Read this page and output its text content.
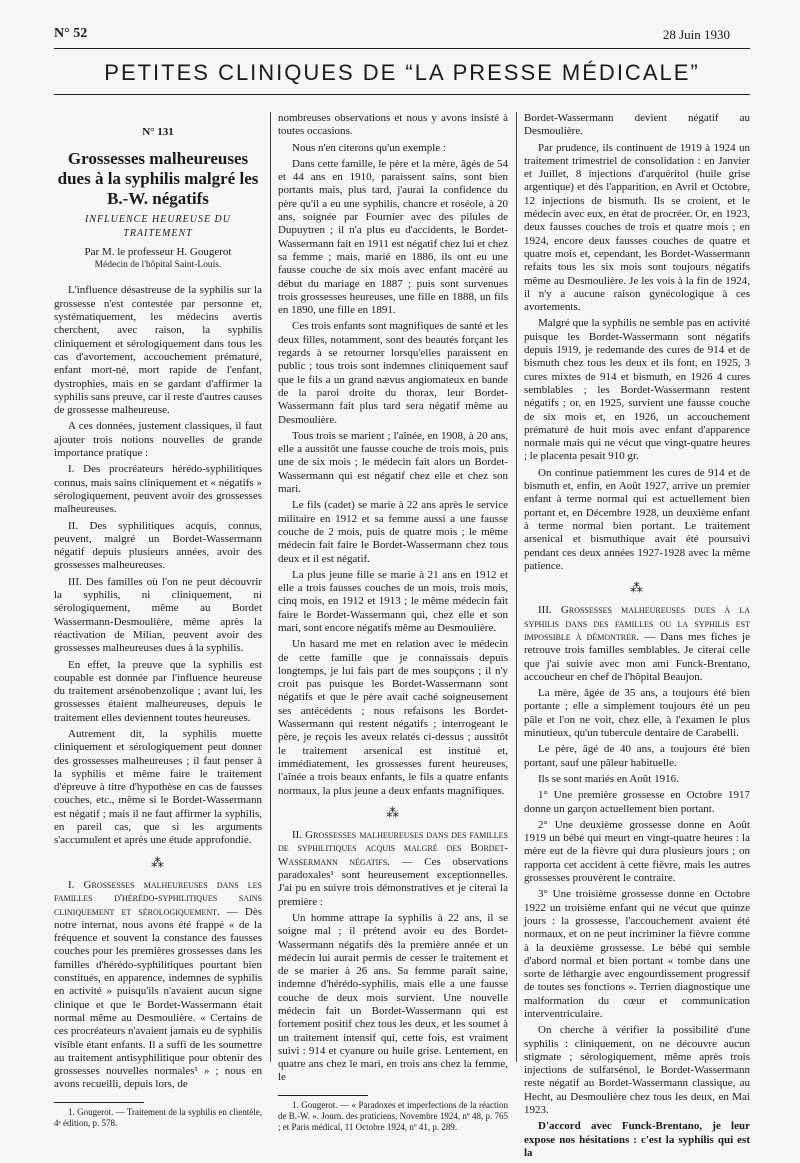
N° 52	28 Juin 1930
PETITES CLINIQUES DE “LA PRESSE MÉDICALE”
N° 131
Grossesses malheureuses dues à la syphilis malgré les B.-W. négatifs
INFLUENCE HEUREUSE DU TRAITEMENT
Par M. le professeur H. Gougerot
Médecin de l'hôpital Saint-Louis.

L'influence désastreuse de la syphilis sur la grossesse n'est contestée par personne et, systématiquement, les médecins avertis cherchent, avec raison, la syphilis cliniquement et sérologiquement dans tous les cas d'avortement, accouchement prématuré, enfant mort-né, mort rapide de l'enfant, dystrophies, mais en se gardant d'affirmer la syphilis sans preuve, car il reste d'autres causes de grossesse malheureuse.

A ces données, justement classiques, il faut ajouter trois notions nouvelles de grande importance pratique :

I. Des procréateurs hérédo-syphilitiques connus, mais sains cliniquement et « négatifs » sérologiquement, peuvent avoir des grossesses malheureuses.

II. Des syphilitiques acquis, connus, peuvent, malgré un Bordet-Wassermann négatif depuis plusieurs années, avoir des grossesses malheureuses.

III. Des familles où l'on ne peut découvrir la syphilis, ni cliniquement, ni sérologiquement, même au Bordet Wassermann-Desmoulière, même après la réactivation de Milian, peuvent avoir des grossesses malheureuses dues à la syphilis.

En effet, la preuve que la syphilis est coupable est donnée par l'influence heureuse du traitement arsénobenzolique ; avant lui, les grossesses étaient malheureuses, depuis le traitement elles deviennent toutes heureuses.

Autrement dit, la syphilis muette cliniquement et sérologiquement peut donner des grossesses malheureuses ; il faut penser à la syphilis et même faire le traitement d'épreuve à titre d'hypothèse en cas de fausses couches, etc., même si le Bordet-Wassermann est négatif ; mais il ne faut affirmer la syphilis, en pareil cas, que si les arguments s'accumulent et après une étude approfondie.

⁂

I. Grossesses malheureuses dans les familles d'hérédo-syphilitiques sains cliniquement et sérologiquement. — Dès notre internat, nous avons été frappé « de la fréquence et souvent la constance des fausses couches pour les premières grossesses dans les familles d'hérédo-syphilitiques pourtant bien constitués, en apparence, indemnes de syphilis en activité » puisqu'ils n'avaient aucun signe clinique et que le Bordet-Wassermann était normal même au Desmoulière. « Certains de ces procréateurs n'avaient jamais eu de syphilis visible étant enfants. Il a suffi de les soumettre au traitement antisyphilitique pour obtenir des grossesses nouvelles normales¹ » ; nous en avons recueilli, depuis lors, de

1. Gougerot. — Traitement de la syphilis en clientèle, 4ᵉ édition, p. 578.

nombreuses observations et nous y avons insisté à toutes occasions.

Nous n'en citerons qu'un exemple :

Dans cette famille, le père et la mère, âgés de 54 et 44 ans en 1910, paraissent sains, sont bien portants mais, plus tard, j'aurai la confidence du père qu'il a eu une syphilis, chancre et roséole, à 20 ans, soignée par Fournier avec des pilules de Dupuytren ; il n'a plus eu d'accidents, le Bordet-Wassermann fait en 1911 est négatif chez lui et chez sa femme ; mais, marié en 1886, ils ont eu une fausse couche de six mois avec enfant macéré au début du mariage en 1887 ; puis sont survenues trois grossesses heureuses, une fille en 1888, un fils en 1890, une fille en 1891.

Ces trois enfants sont magnifiques de santé et les deux filles, notamment, sont des beautés forçant les regards à se retourner lorsqu'elles paraissent en public ; tous trois sont indemnes cliniquement sauf que le fils a un grand nævus angiomateux en bande de la paroi droite du thorax, leur Bordet-Wassermann fait plus tard sera négatif même au Desmoulière.

Tous trois se marient ; l'aînée, en 1908, à 20 ans, elle a aussitôt une fausse couche de trois mois, puis une de six mois ; le médecin fait alors un Bordet-Wassermann qui est négatif chez elle et chez son mari.

Le fils (cadet) se marie à 22 ans après le service militaire en 1912 et sa femme aussi a une fausse couche de 2 mois, puis de quatre mois ; le même médecin fait faire le Bordet-Wassermann chez tous deux et il est négatif.

La plus jeune fille se marie à 21 ans en 1912 et elle a trois fausses couches de un mois, trois mois, cinq mois, en 1912 et 1913 ; le même médecin fait faire le Bordet-Wassermann qui, chez elle et son mari, sont encore négatifs même au Desmoulière.

Un hasard me met en relation avec le médecin de cette famille que je connaissais depuis longtemps, je lui fais part de mes soupçons ; il n'y croit pas puisque les Bordet-Wassermann sont négatifs et que le père avait caché soigneusement ses antécédents ; nous refaisons les Bordet-Wassermann qui restent négatifs ; interrogeant le père, je reçois les aveux relatés ci-dessus ; aussitôt le traitement arsenical est institué et, immédiatement, les grossesses furent heureuses, l'aînée a trois beaux enfants, le fils a quatre enfants normaux, la plus jeune a deux enfants magnifiques.

⁂

II. Grossesses malheureuses dans des familles de syphilitiques acquis malgré des Bordet-Wassermann négatifs. — Ces observations paradoxales¹ sont heureusement exceptionnelles. J'ai pu en suivre trois démonstratives et je citerai la première :

Un homme attrape la syphilis à 22 ans, il se soigne mal ; il prétend avoir eu des Bordet-Wassermann négatifs dès la première année et un médecin lui aurait permis de cesser le traitement et de se marier à 26 ans. Sa femme paraît saine, indemne d'hérédo-syphilis, mais elle a une fausse couche de deux mois survient. Une nouvelle médecin fait un Bordet-Wassermann qui est fortement positif chez tous les deux, et les soumet à un traitement intensif qui, cette fois, est vraiment suivi : 914 et cyanure ou huile grise. Lentement, en quatre ans chez le mari, en trois ans chez la femme, le

1. Gougerot. — « Paradoxes et imperfections de la réaction de B.-W. ». Journ. des praticiens, Novembre 1924, nº 48, p. 765 ; et Paris médical, 11 Octobre 1924, nº 41, p. 289.

Bordet-Wassermann devient négatif au Desmoulière.

Par prudence, ils continuent de 1919 à 1924 un traitement trimestriel de consolidation : en Janvier et Juillet, 8 injections d'arquéritol (huile grise argentique) et dès l'apparition, en Avril et Octobre, 12 injections de bismuth. Ils se croient, et le médecin avec eux, en état de procréer. Or, en 1923, deux fausses couches de trois et quatre mois ; en 1924, encore deux fausses couches de quatre et quatre mois et, cependant, les Bordet-Wassermann refaits tous les six mois sont toujours négatifs même au Desmoulière. Je les vois à la fin de 1924, il n'y a aucune raison gynécologique à ces avortements.

Malgré que la syphilis ne semble pas en activité puisque les Bordet-Wassermann sont négatifs depuis 1919, je redemande des cures de 914 et de bismuth chez tous les deux et ils font, en 1925, 3 cures mixtes de 914 et bismuth, en 1926 4 cures semblables ; les Bordet-Wassermann restent négatifs ; or, en 1925, survient une fausse couche de six mois et, en 1926, un accouchement prématuré de huit mois avec enfant d'apparence normale mais qui ne vécut que vingt-quatre heures ; le placenta pesait 910 gr.

On continue patiemment les cures de 914 et de bismuth et, enfin, en Août 1927, arrive un premier enfant à terme normal qui est actuellement bien portant et, en Décembre 1928, un deuxième enfant à terme normal bien portant. Le traitement arsenical et bismuthique avait été poursuivi pendant ces deux années 1927-1928 avec la même patience.

⁂

III. Grossesses malheureuses dues à la syphilis dans des familles ou la syphilis est impossible à démontrer. — Dans mes fiches je retrouve trois familles semblables. Je citerai celle que j'ai suivie avec mon ami Funck-Brentano, accoucheur en chef de l'hôpital Beaujon.

La mère, âgée de 35 ans, a toujours été bien portante ; elle a simplement toujours été un peu pâle et l'on ne voit, chez elle, à l'examen le plus minutieux, qu'un tubercule dentaire de Carabelli.

Le père, âgé de 40 ans, a toujours été bien portant, sauf une pâleur habituelle.

Ils se sont mariés en Août 1916.

1° Une première grossesse en Octobre 1917 donne un garçon actuellement bien portant.

2° Une deuxième grossesse donne en Août 1919 un bébé qui meurt en vingt-quatre heures : la mère eut de la fièvre qui dura plusieurs jours ; on rapporta cet accident à cette fièvre, mais les autres grossesses prouvèrent le contraire.

3° Une troisième grossesse donne en Octobre 1922 un troisième enfant qui ne vécut que quinze jours : la grossesse, l'accouchement avaient été normaux, et on ne peut incriminer la fièvre comme à la deuxième grossesse. Le bébé qui semble d'abord normal et bien portant « tombe dans une sorte de léthargie avec engourdissement progressif de toutes ses fonctions ». Terrien diagnostique une malformation du cœur et communication interventriculaire.

On cherche à vérifier la possibilité d'une syphilis : cliniquement, on ne découvre aucun stigmate ; sérologiquement, même après trois injections de sulfarsénol, le Bordet-Wassermann reste négatif au Bordet-Wassermann classique, au Hecht, au Desmoulière chez tous les deux, en Mai 1923.

D'accord avec Funck-Brentano, je leur expose nos hésitations : c'est la syphilis qui est la
